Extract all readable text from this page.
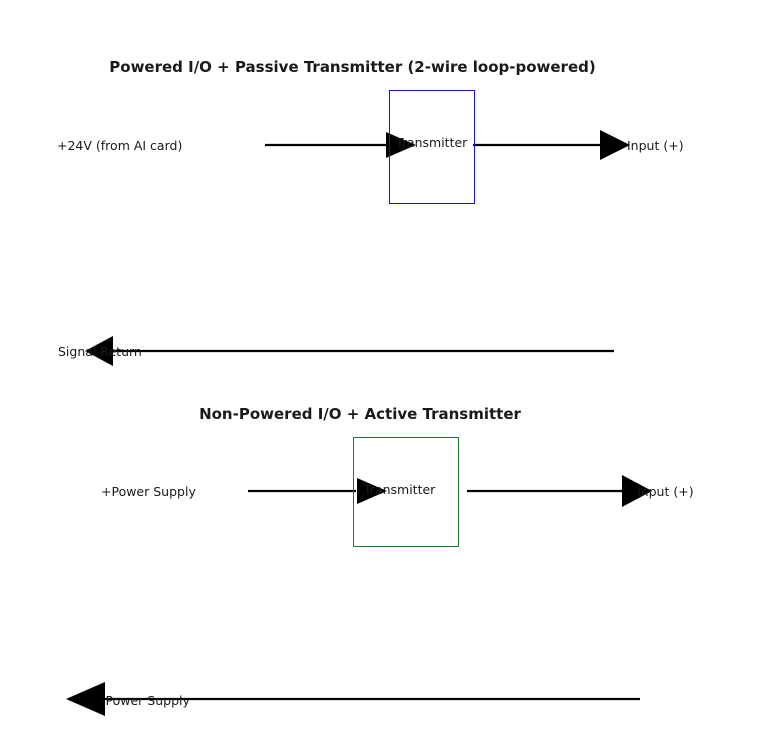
Powered I/O + Passive Transmitter (2-wire loop-powered)
Transmitter
+24V (from AI card)	Input (+)
Signal Return
Non-Powered I/O + Active Transmitter
Transmitter
+Power Supply	Input (+)
-Power Supply
